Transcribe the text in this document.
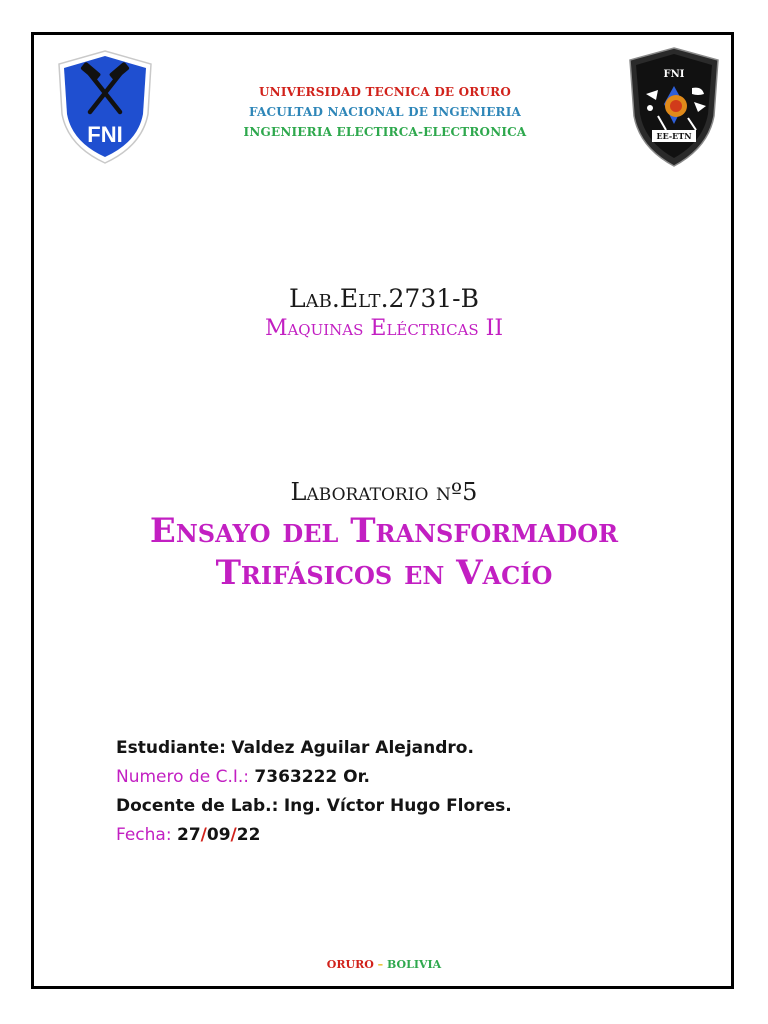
FNI
FNI
EE-ETN
UNIVERSIDAD TECNICA DE ORURO
FACULTAD NACIONAL DE INGENIERIA
INGENIERIA ELECTIRCA-ELECTRONICA
Lab.Elt.2731-B
Maquinas Eléctricas II
Laboratorio nº5
Ensayo del Transformador
Trifásicos en Vacío
Estudiante: Valdez Aguilar Alejandro.
Numero de C.I.: 7363222 Or.
Docente de Lab.: Ing. Víctor Hugo Flores.
Fecha: 27/09/22
ORURO – BOLIVIA
